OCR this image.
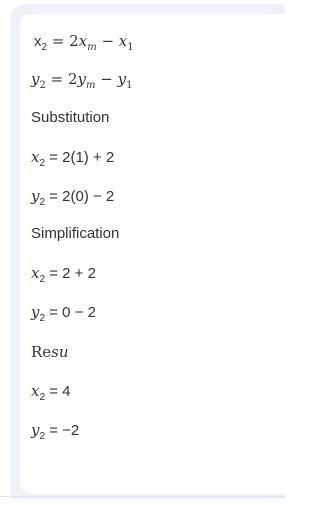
$x_2 = 2x_m - x_1$
$y_2 = 2y_m - y_1$
Substitution
$x_2 = 2(1) + 2$
$y_2 = 2(0) - 2$
Simplification
$x_2 = 2 + 2$
$y_2 = 0 - 2$
Resu
$x_2 = 4$
$y_2 = -2$
